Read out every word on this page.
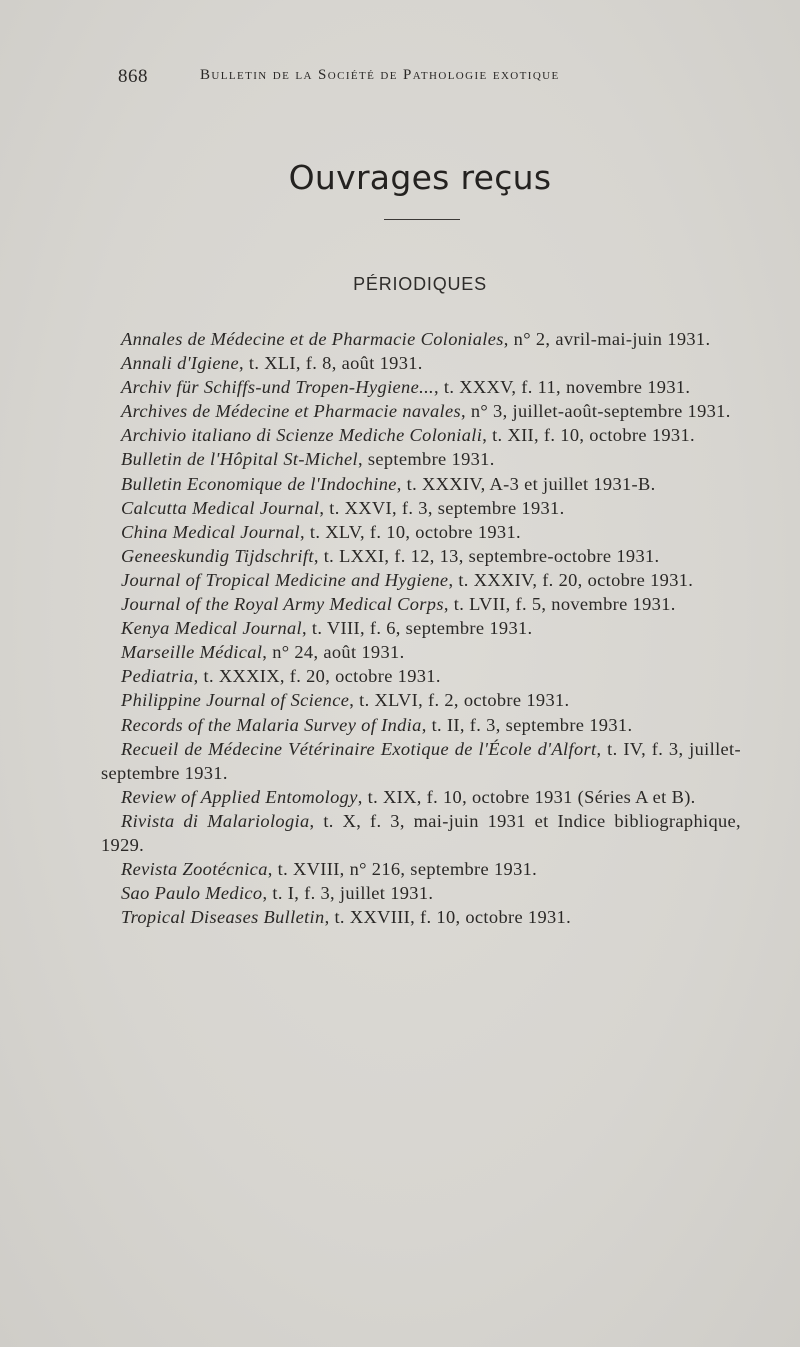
868	Bulletin de la Société de Pathologie exotique
Ouvrages reçus
PÉRIODIQUES

Annales de Médecine et de Pharmacie Coloniales, n° 2, avril-mai-juin 1931.

Annali d'Igiene, t. XLI, f. 8, août 1931.

Archiv für Schiffs-und Tropen-Hygiene..., t. XXXV, f. 11, novembre 1931.

Archives de Médecine et Pharmacie navales, n° 3, juillet-août-septembre 1931.

Archivio italiano di Scienze Mediche Coloniali, t. XII, f. 10, octobre 1931.

Bulletin de l'Hôpital St-Michel, septembre 1931.

Bulletin Economique de l'Indochine, t. XXXIV, A-3 et juillet 1931-B.

Calcutta Medical Journal, t. XXVI, f. 3, septembre 1931.

China Medical Journal, t. XLV, f. 10, octobre 1931.

Geneeskundig Tijdschrift, t. LXXI, f. 12, 13, septembre-octobre 1931.

Journal of Tropical Medicine and Hygiene, t. XXXIV, f. 20, octobre 1931.

Journal of the Royal Army Medical Corps, t. LVII, f. 5, novembre 1931.

Kenya Medical Journal, t. VIII, f. 6, septembre 1931.

Marseille Médical, n° 24, août 1931.

Pediatria, t. XXXIX, f. 20, octobre 1931.

Philippine Journal of Science, t. XLVI, f. 2, octobre 1931.

Records of the Malaria Survey of India, t. II, f. 3, septembre 1931.

Recueil de Médecine Vétérinaire Exotique de l'École d'Alfort, t. IV, f. 3, juillet-septembre 1931.

Review of Applied Entomology, t. XIX, f. 10, octobre 1931 (Séries A et B).

Rivista di Malariologia, t. X, f. 3, mai-juin 1931 et Indice bibliographique, 1929.

Revista Zootécnica, t. XVIII, n° 216, septembre 1931.

Sao Paulo Medico, t. I, f. 3, juillet 1931.

Tropical Diseases Bulletin, t. XXVIII, f. 10, octobre 1931.
